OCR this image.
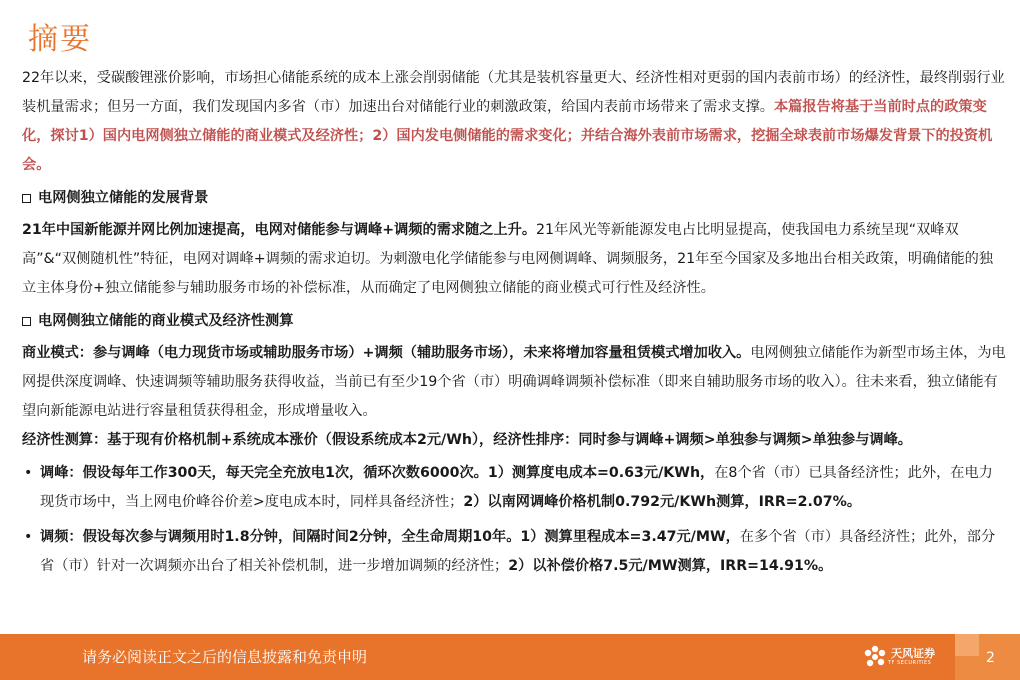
摘要

22年以来，受碳酸锂涨价影响，市场担心储能系统的成本上涨会削弱储能（尤其是装机容量更大、经济性相对更弱的国内表前市场）的经济性，最终削弱行业装机量需求；但另一方面，我们发现国内多省（市）加速出台对储能行业的刺激政策，给国内表前市场带来了需求支撑。本篇报告将基于当前时点的政策变化，探讨1）国内电网侧独立储能的商业模式及经济性；2）国内发电侧储能的需求变化；并结合海外表前市场需求，挖掘全球表前市场爆发背景下的投资机会。

电网侧独立储能的发展背景

21年中国新能源并网比例加速提高，电网对储能参与调峰+调频的需求随之上升。21年风光等新能源发电占比明显提高，使我国电力系统呈现“双峰双高”&“双侧随机性”特征，电网对调峰+调频的需求迫切。为刺激电化学储能参与电网侧调峰、调频服务，21年至今国家及多地出台相关政策，明确储能的独立主体身份+独立储能参与辅助服务市场的补偿标准，从而确定了电网侧独立储能的商业模式可行性及经济性。

电网侧独立储能的商业模式及经济性测算

商业模式：参与调峰（电力现货市场或辅助服务市场）+调频（辅助服务市场），未来将增加容量租赁模式增加收入。电网侧独立储能作为新型市场主体，为电网提供深度调峰、快速调频等辅助服务获得收益，当前已有至少19个省（市）明确调峰调频补偿标准（即来自辅助服务市场的收入）。往未来看，独立储能有望向新能源电站进行容量租赁获得租金，形成增量收入。

经济性测算：基于现有价格机制+系统成本涨价（假设系统成本2元/Wh），经济性排序：同时参与调峰+调频>单独参与调频>单独参与调峰。

• 调峰：假设每年工作300天，每天完全充放电1次，循环次数6000次。1）测算度电成本=0.63元/KWh，在8个省（市）已具备经济性；此外，在电力现货市场中，当上网电价峰谷价差>度电成本时，同样具备经济性；2）以南网调峰价格机制0.792元/KWh测算，IRR=2.07%。
• 调频：假设每次参与调频用时1.8分钟，间隔时间2分钟，全生命周期10年。1）测算里程成本=3.47元/MW，在多个省（市）具备经济性；此外，部分省（市）针对一次调频亦出台了相关补偿机制，进一步增加调频的经济性；2）以补偿价格7.5元/MW测算，IRR=14.91%。
请务必阅读正文之后的信息披露和免责申明	天风证券
TF SECURITIES	2
